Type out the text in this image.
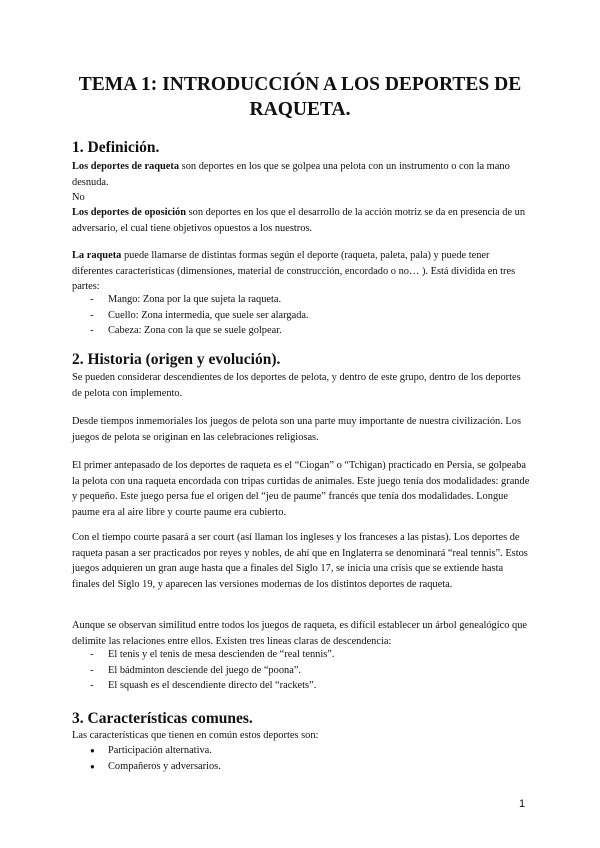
TEMA 1: INTRODUCCIÓN A LOS DEPORTES DE
RAQUETA.
1. Definición.

Los deportes de raqueta son deportes en los que se golpea una pelota con un instrumento o con la mano desnuda.

No

Los deportes de oposición son deportes en los que el desarrollo de la acción motriz se da en presencia de un adversario, el cual tiene objetivos opuestos a los nuestros.

La raqueta puede llamarse de distintas formas según el deporte (raqueta, paleta, pala) y puede tener diferentes características (dimensiones, material de construcción, encordado o no… ). Está dividida en tres partes:

- Mango: Zona por la que sujeta la raqueta.
- Cuello: Zona intermedia, que suele ser alargada.
- Cabeza: Zona con la que se suele golpear.
2. Historia (origen y evolución).

Se pueden considerar descendientes de los deportes de pelota, y dentro de este grupo, dentro de los deportes de pelota con implemento.

Desde tiempos inmemoriales los juegos de pelota son una parte muy importante de nuestra civilización. Los juegos de pelota se originan en las celebraciones religiosas.

El primer antepasado de los deportes de raqueta es el “Ciogan” o “Tchigan) practicado en Persia, se golpeaba la pelota con una raqueta encordada con tripas curtidas de animales. Este juego tenía dos modalidades: grande y pequeño. Este juego persa fue el origen del “jeu de paume” francés que tenía dos modalidades. Longue paume era al aire libre y courte paume era cubierto.

Con el tiempo courte pasará a ser court (así llaman los ingleses y los franceses a las pistas). Los deportes de raqueta pasan a ser practicados por reyes y nobles, de ahí que en Inglaterra se denominará “real tennis”. Estos juegos adquieren un gran auge hasta que a finales del Siglo 17, se inicia una crisis que se extiende hasta finales del Siglo 19, y aparecen las versiones modernas de los distintos deportes de raqueta.

Aunque se observan similitud entre todos los juegos de raqueta, es difícil establecer un árbol genealógico que delimite las relaciones entre ellos. Existen tres líneas claras de descendencia:

- El tenis y el tenis de mesa descienden de “real tennis”.
- El bádminton desciende del juego de “poona”.
- El squash es el descendiente directo del “rackets”.
3. Características comunes.

Las características que tienen en común estos deportes son:

● Participación alternativa.
● Compañeros y adversarios.
1
